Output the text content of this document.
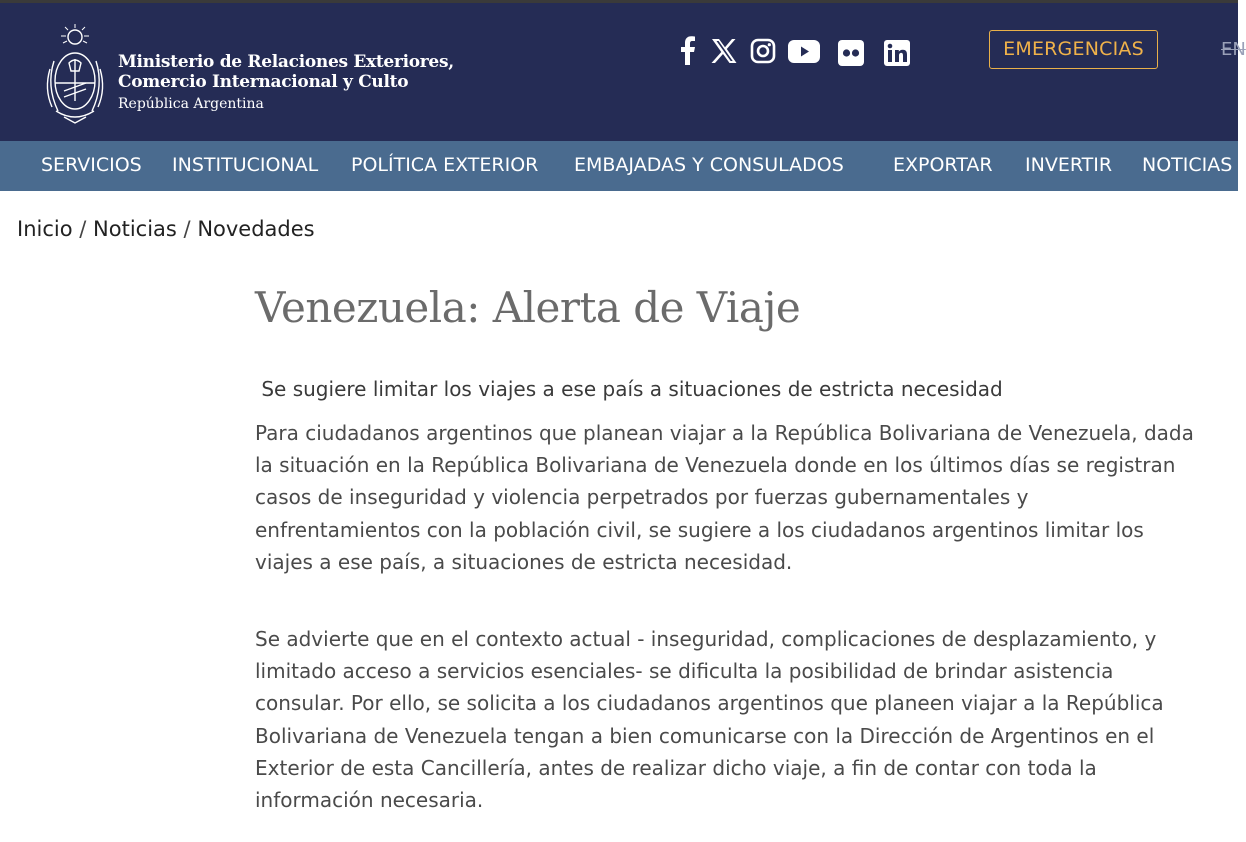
Ministerio de Relaciones Exteriores,
Comercio Internacional y Culto
República Argentina
EMERGENCIAS	EN
SERVICIOS INSTITUCIONAL POLÍTICA EXTERIOR EMBAJADAS Y CONSULADOS	EXPORTAR INVERTIR NOTICIAS
Inicio / Noticias / Novedades
Venezuela: Alerta de Viaje

Se sugiere limitar los viajes a ese país a situaciones de estricta necesidad

Para ciudadanos argentinos que planean viajar a la República Bolivariana de Venezuela, dada la situación en la República Bolivariana de Venezuela donde en los últimos días se registran casos de inseguridad y violencia perpetrados por fuerzas gubernamentales y enfrentamientos con la población civil, se sugiere a los ciudadanos argentinos limitar los viajes a ese país, a situaciones de estricta necesidad.

Se advierte que en el contexto actual - inseguridad, complicaciones de desplazamiento, y limitado acceso a servicios esenciales- se dificulta la posibilidad de brindar asistencia consular. Por ello, se solicita a los ciudadanos argentinos que planeen viajar a la República Bolivariana de Venezuela tengan a bien comunicarse con la Dirección de Argentinos en el Exterior de esta Cancillería, antes de realizar dicho viaje, a fin de contar con toda la información necesaria.
